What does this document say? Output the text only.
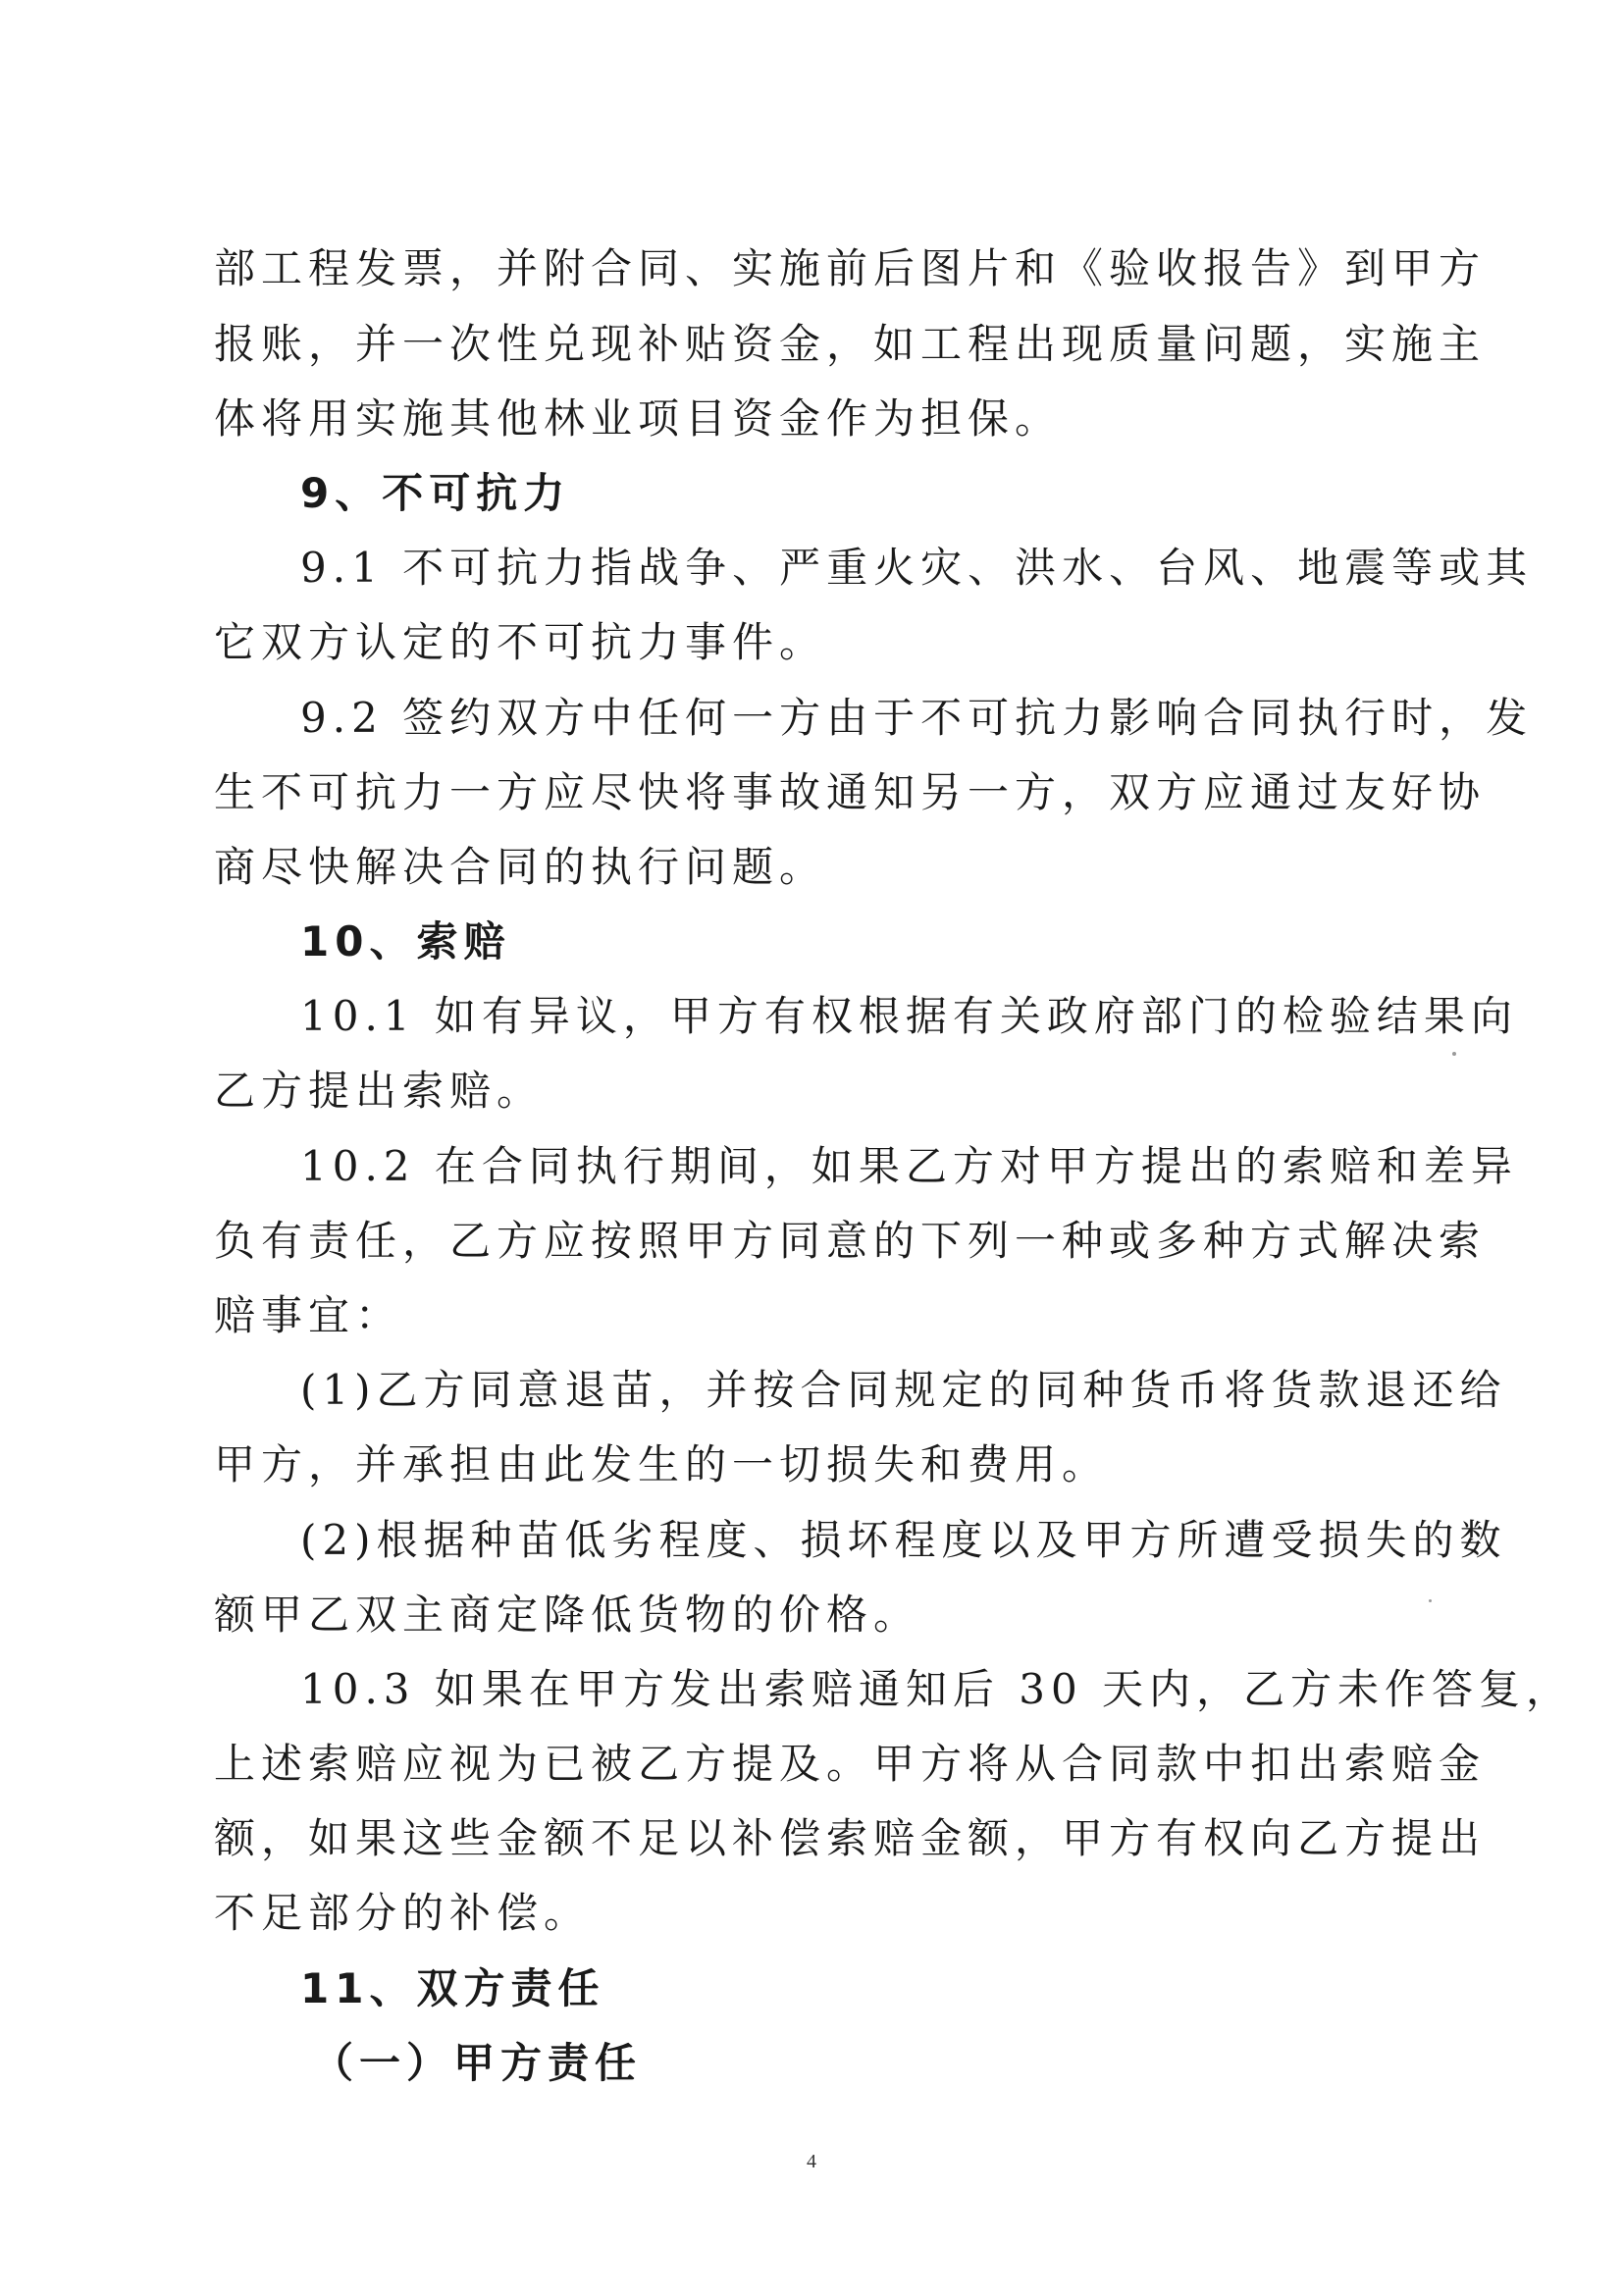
部工程发票，并附合同、实施前后图片和《验收报告》到甲方
报账，并一次性兑现补贴资金，如工程出现质量问题，实施主
体将用实施其他林业项目资金作为担保。
9、不可抗力
9.1 不可抗力指战争、严重火灾、洪水、台风、地震等或其
它双方认定的不可抗力事件。
9.2 签约双方中任何一方由于不可抗力影响合同执行时，发
生不可抗力一方应尽快将事故通知另一方，双方应通过友好协
商尽快解决合同的执行问题。
10、索赔
10.1 如有异议，甲方有权根据有关政府部门的检验结果向
乙方提出索赔。
10.2 在合同执行期间，如果乙方对甲方提出的索赔和差异
负有责任，乙方应按照甲方同意的下列一种或多种方式解决索
赔事宜：
(1)乙方同意退苗，并按合同规定的同种货币将货款退还给
甲方，并承担由此发生的一切损失和费用。
(2)根据种苗低劣程度、损坏程度以及甲方所遭受损失的数
额甲乙双主商定降低货物的价格。
10.3 如果在甲方发出索赔通知后 30 天内，乙方未作答复，
上述索赔应视为已被乙方提及。甲方将从合同款中扣出索赔金
额，如果这些金额不足以补偿索赔金额，甲方有权向乙方提出
不足部分的补偿。
11、双方责任
（一）甲方责任
4
